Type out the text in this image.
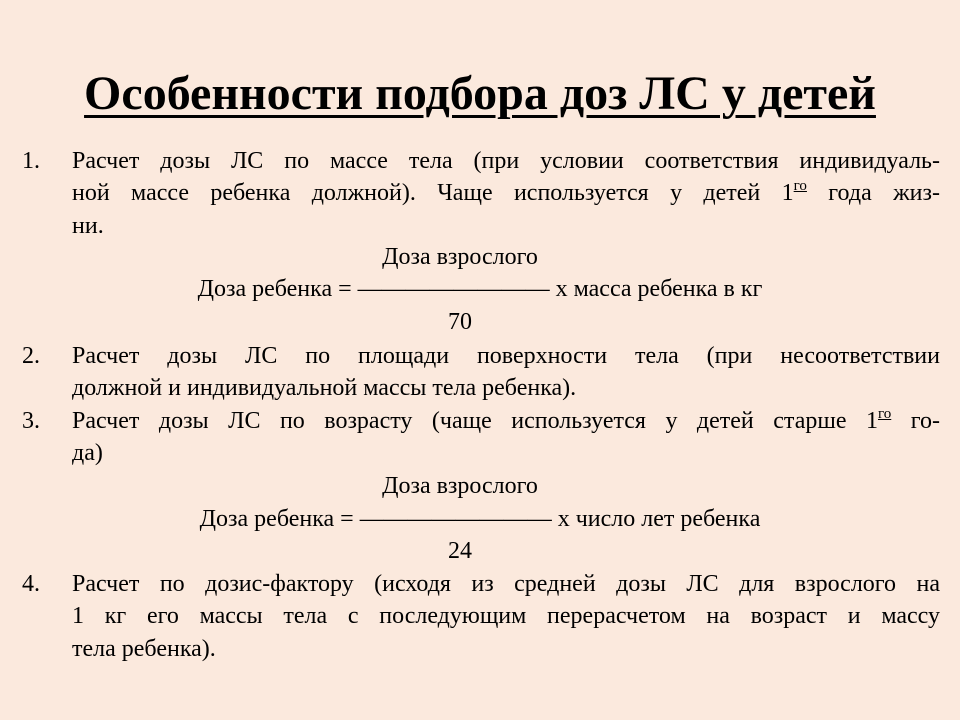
Особенности подбора доз ЛС у детей
1. Расчет дозы ЛС по массе тела (при условии соответствия индивидуаль-
ной массе ребенка должной). Чаще используется у детей $1^{го}$ года жиз-
ни.
Доза взрослого
Доза ребенка = ———————— х масса ребенка в кг
70
2. Расчет дозы ЛС по площади поверхности тела (при несоответствии
должной и индивидуальной массы тела ребенка).
3. Расчет дозы ЛС по возрасту (чаще используется у детей старше $1^{го}$ го-
да)
Доза взрослого
Доза ребенка = ———————— х число лет ребенка
24
4. Расчет по дозис-фактору (исходя из средней дозы ЛС для взрослого на
1 кг его массы тела с последующим перерасчетом на возраст и массу
тела ребенка).
